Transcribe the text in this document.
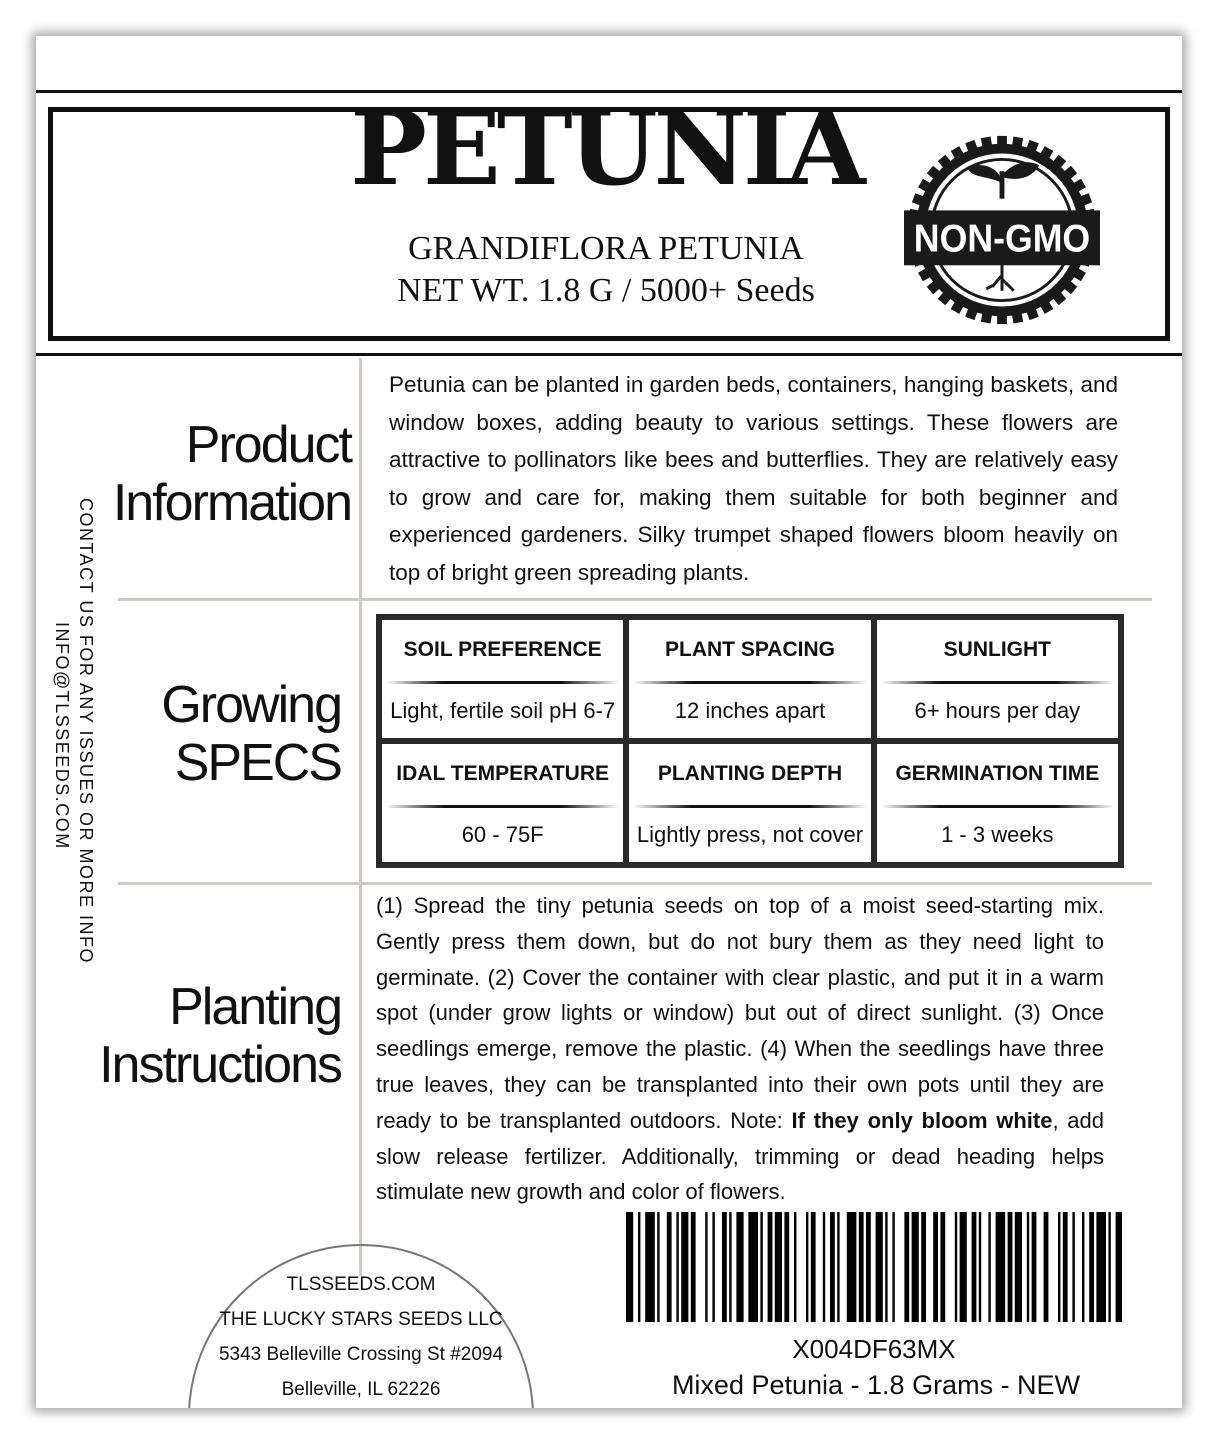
PETUNIA
GRANDIFLORA PETUNIA
NET WT. 1.8 G / 5000+ Seeds
NON-GMO
CONTACT US FOR ANY ISSUES OR MORE INFO
INFO@TLSSEEDS.COM
Product
Information

Petunia can be planted in garden beds, containers, hanging baskets, and window boxes, adding beauty to various settings. These flowers are attractive to pollinators like bees and butterflies. They are relatively easy to grow and care for, making them suitable for both beginner and experienced gardeners. Silky trumpet shaped flowers bloom heavily on top of bright green spreading plants.

Growing
SPECS
SOIL PREFERENCE
Light, fertile soil pH 6-7
PLANT SPACING
12 inches apart
SUNLIGHT
6+ hours per day
IDAL TEMPERATURE
60 - 75F
PLANTING DEPTH
Lightly press, not cover
GERMINATION TIME
1 - 3 weeks
Planting
Instructions

(1) Spread the tiny petunia seeds on top of a moist seed-starting mix. Gently press them down, but do not bury them as they need light to germinate. (2) Cover the container with clear plastic, and put it in a warm spot (under grow lights or window) but out of direct sunlight. (3) Once seedlings emerge, remove the plastic. (4) When the seedlings have three true leaves, they can be transplanted into their own pots until they are ready to be transplanted outdoors. Note: If they only bloom white, add slow release fertilizer. Additionally, trimming or dead heading helps stimulate new growth and color of flowers.

TLSSEEDS.COM
THE LUCKY STARS SEEDS LLC
5343 Belleville Crossing St #2094
Belleville, IL 62226
X004DF63MX
Mixed Petunia - 1.8 Grams - NEW
